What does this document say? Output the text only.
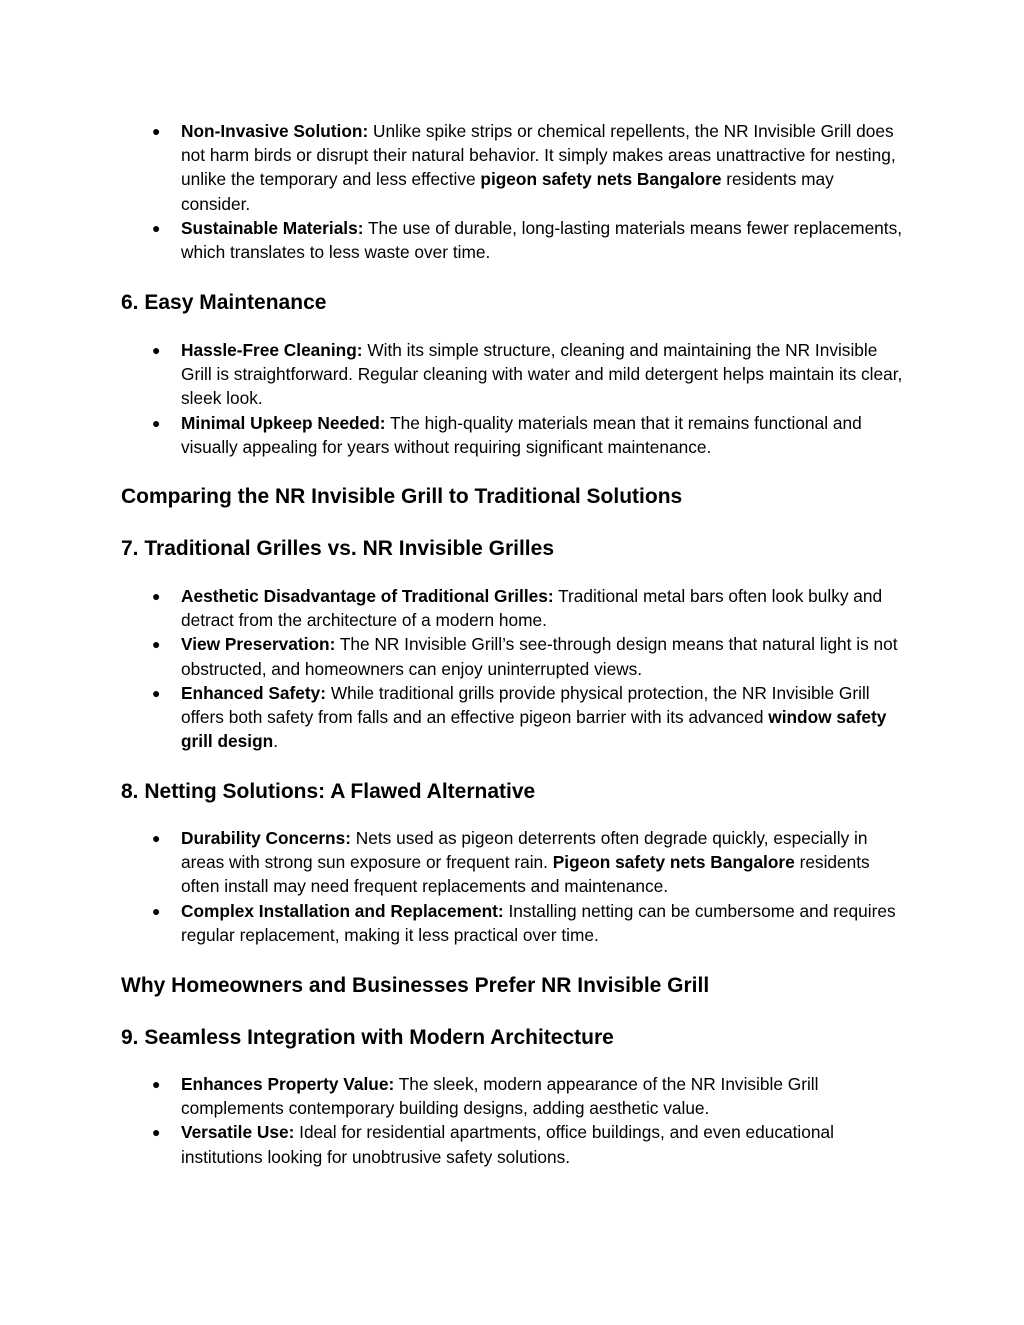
● Non-Invasive Solution: Unlike spike strips or chemical repellents, the NR Invisible Grill does not harm birds or disrupt their natural behavior. It simply makes areas unattractive for nesting, unlike the temporary and less effective pigeon safety nets Bangalore residents may consider.
● Sustainable Materials: The use of durable, long-lasting materials means fewer replacements, which translates to less waste over time.
6. Easy Maintenance
● Hassle-Free Cleaning: With its simple structure, cleaning and maintaining the NR Invisible Grill is straightforward. Regular cleaning with water and mild detergent helps maintain its clear, sleek look.
● Minimal Upkeep Needed: The high-quality materials mean that it remains functional and visually appealing for years without requiring significant maintenance.
Comparing the NR Invisible Grill to Traditional Solutions
7. Traditional Grilles vs. NR Invisible Grilles
● Aesthetic Disadvantage of Traditional Grilles: Traditional metal bars often look bulky and detract from the architecture of a modern home.
● View Preservation: The NR Invisible Grill’s see-through design means that natural light is not obstructed, and homeowners can enjoy uninterrupted views.
● Enhanced Safety: While traditional grills provide physical protection, the NR Invisible Grill offers both safety from falls and an effective pigeon barrier with its advanced window safety grill design.
8. Netting Solutions: A Flawed Alternative
● Durability Concerns: Nets used as pigeon deterrents often degrade quickly, especially in areas with strong sun exposure or frequent rain. Pigeon safety nets Bangalore residents often install may need frequent replacements and maintenance.
● Complex Installation and Replacement: Installing netting can be cumbersome and requires regular replacement, making it less practical over time.
Why Homeowners and Businesses Prefer NR Invisible Grill
9. Seamless Integration with Modern Architecture
● Enhances Property Value: The sleek, modern appearance of the NR Invisible Grill complements contemporary building designs, adding aesthetic value.
● Versatile Use: Ideal for residential apartments, office buildings, and even educational institutions looking for unobtrusive safety solutions.
